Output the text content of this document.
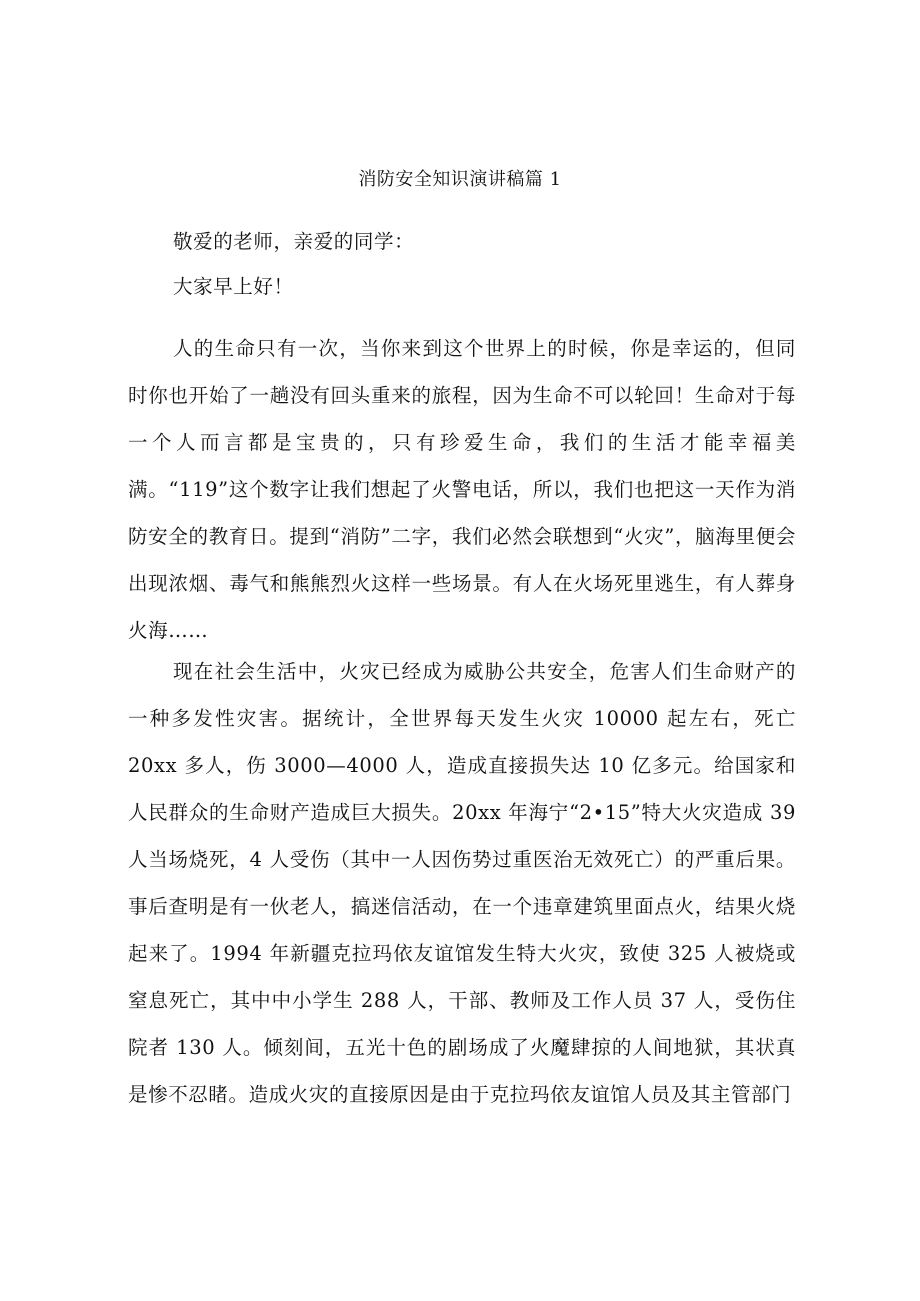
消防安全知识演讲稿篇 1

敬爱的老师，亲爱的同学：

大家早上好！

人的生命只有一次，当你来到这个世界上的时候，你是幸运的，但同时你也开始了一趟没有回头重来的旅程，因为生命不可以轮回！生命对于每一个人而言都是宝贵的，只有珍爱生命，我们的生活才能幸福美满。“119”这个数字让我们想起了火警电话，所以，我们也把这一天作为消防安全的教育日。提到“消防”二字，我们必然会联想到“火灾”，脑海里便会出现浓烟、毒气和熊熊烈火这样一些场景。有人在火场死里逃生，有人葬身火海……

现在社会生活中，火灾已经成为威胁公共安全，危害人们生命财产的一种多发性灾害。据统计，全世界每天发生火灾 10000 起左右，死亡 20xx 多人，伤 3000—4000 人，造成直接损失达 10 亿多元。给国家和人民群众的生命财产造成巨大损失。20xx 年海宁“2•15”特大火灾造成 39 人当场烧死，4 人受伤（其中一人因伤势过重医治无效死亡）的严重后果。事后查明是有一伙老人，搞迷信活动，在一个违章建筑里面点火，结果火烧起来了。1994 年新疆克拉玛依友谊馆发生特大火灾，致使 325 人被烧或窒息死亡，其中中小学生 288 人，干部、教师及工作人员 37 人，受伤住院者 130 人。倾刻间，五光十色的剧场成了火魔肆掠的人间地狱，其状真是惨不忍睹。造成火灾的直接原因是由于克拉玛依友谊馆人员及其主管部门
